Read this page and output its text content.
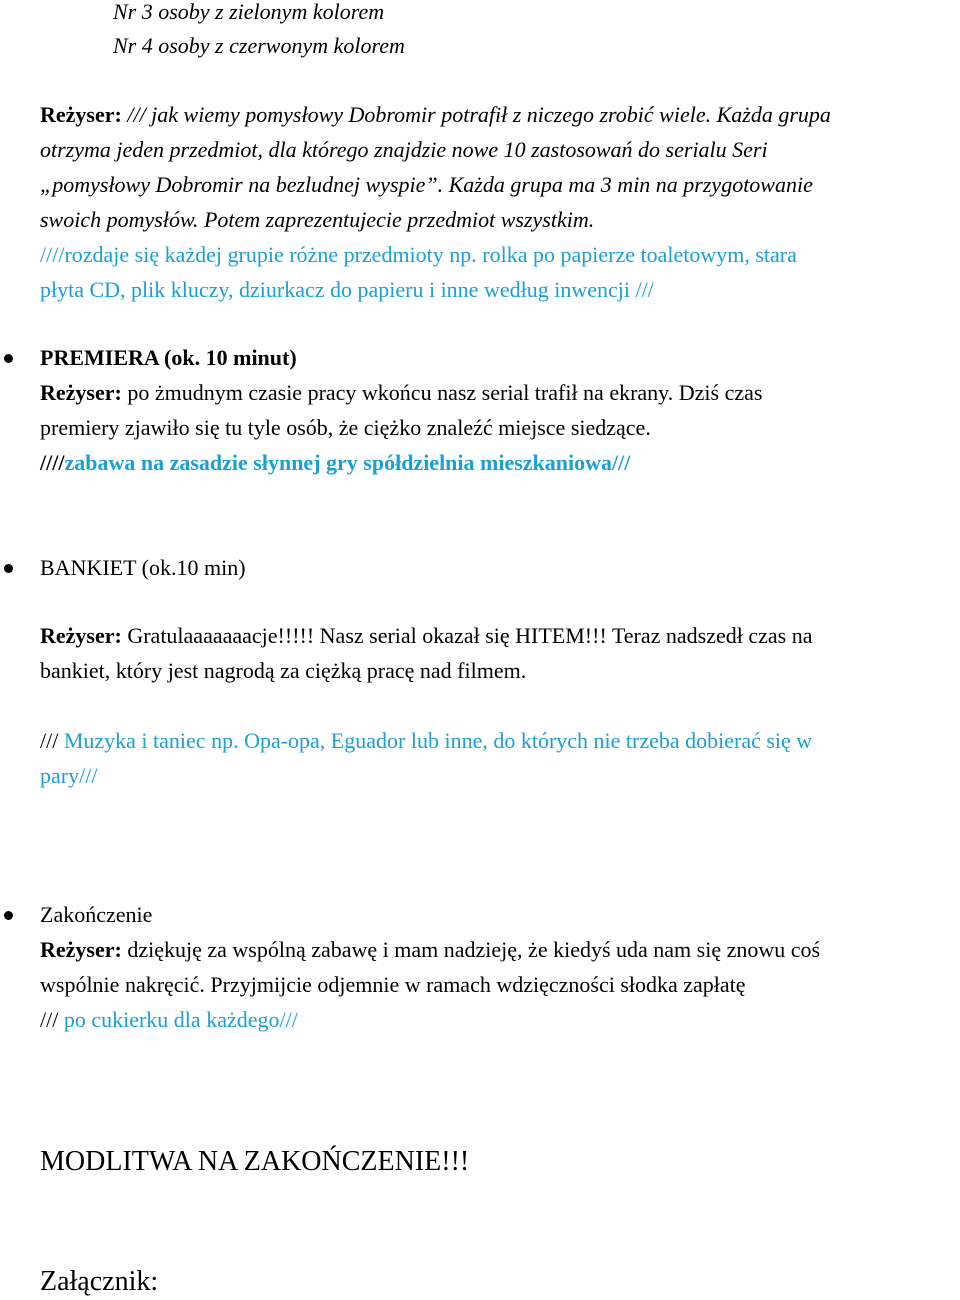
Nr 3 osoby z zielonym kolorem
Nr 4 osoby z czerwonym kolorem
Reżyser: /// jak wiemy pomysłowy Dobromir potrafił z niczego zrobić wiele. Każda grupa
otrzyma jeden przedmiot, dla którego znajdzie nowe 10 zastosowań do serialu Seri
„pomysłowy Dobromir na bezludnej wyspie”. Każda grupa ma 3 min na przygotowanie
swoich pomysłów. Potem zaprezentujecie przedmiot wszystkim.
////rozdaje się każdej grupie różne przedmioty np. rolka po papierze toaletowym, stara
płyta CD, plik kluczy, dziurkacz do papieru i inne według inwencji ///
PREMIERA (ok. 10 minut)
Reżyser: po żmudnym czasie pracy wkońcu nasz serial trafił na ekrany. Dziś czas
premiery zjawiło się tu tyle osób, że ciężko znaleźć miejsce siedzące.
////zabawa na zasadzie słynnej gry spółdzielnia mieszkaniowa///
BANKIET (ok.10 min)
Reżyser: Gratulaaaaaaacje!!!!! Nasz serial okazał się HITEM!!! Teraz nadszedł czas na
bankiet, który jest nagrodą za ciężką pracę nad filmem.
/// Muzyka i taniec np. Opa-opa, Eguador lub inne, do których nie trzeba dobierać się w
pary///
Zakończenie
Reżyser: dziękuję za wspólną zabawę i mam nadzieję, że kiedyś uda nam się znowu coś
wspólnie nakręcić. Przyjmijcie odjemnie w ramach wdzięczności słodka zapłatę
/// po cukierku dla każdego///
MODLITWA NA ZAKOŃCZENIE!!!
Załącznik:
